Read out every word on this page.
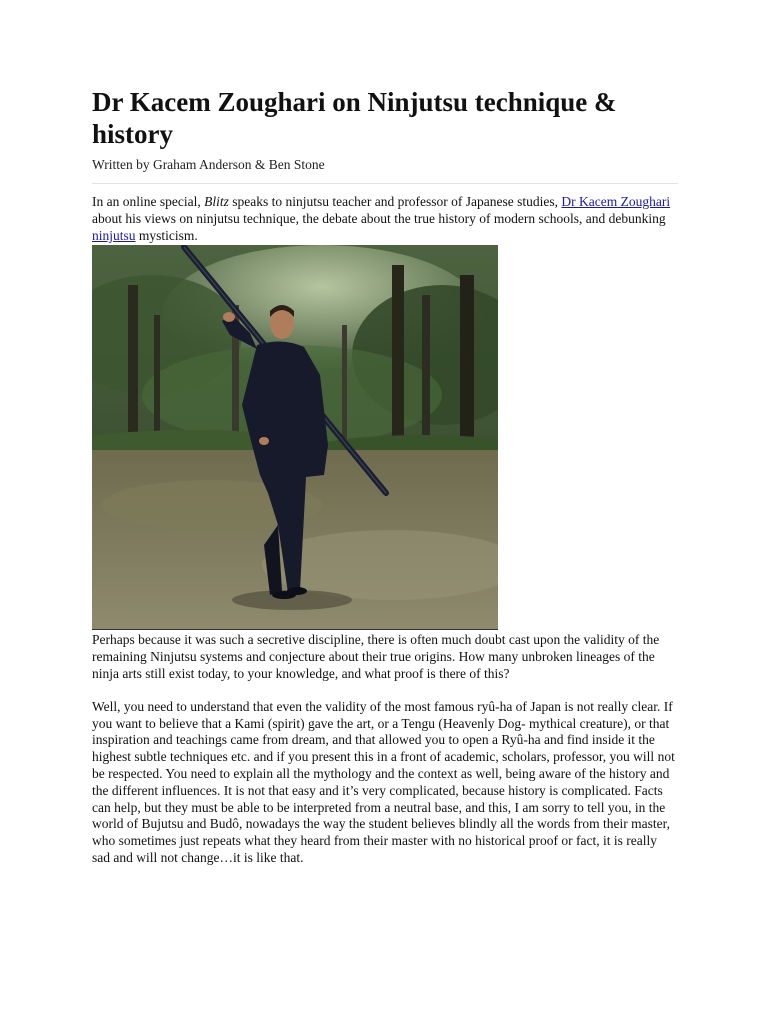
Dr Kacem Zoughari on Ninjutsu technique & history
Written by Graham Anderson & Ben Stone

In an online special, Blitz speaks to ninjutsu teacher and professor of Japanese studies, Dr Kacem Zoughari about his views on ninjutsu technique, the debate about the true history of modern schools, and debunking ninjutsu mysticism.

Perhaps because it was such a secretive discipline, there is often much doubt cast upon the validity of the remaining Ninjutsu systems and conjecture about their true origins. How many unbroken lineages of the ninja arts still exist today, to your knowledge, and what proof is there of this?

Well, you need to understand that even the validity of the most famous ryû-ha of Japan is not really clear. If you want to believe that a Kami (spirit) gave the art, or a Tengu (Heavenly Dog- mythical creature), or that inspiration and teachings came from dream, and that allowed you to open a Ryû-ha and find inside it the highest subtle techniques etc. and if you present this in a front of academic, scholars, professor, you will not be respected. You need to explain all the mythology and the context as well, being aware of the history and the different influences. It is not that easy and it’s very complicated, because history is complicated. Facts can help, but they must be able to be interpreted from a neutral base, and this, I am sorry to tell you, in the world of Bujutsu and Budô, nowadays the way the student believes blindly all the words from their master, who sometimes just repeats what they heard from their master with no historical proof or fact, it is really sad and will not change…it is like that.
